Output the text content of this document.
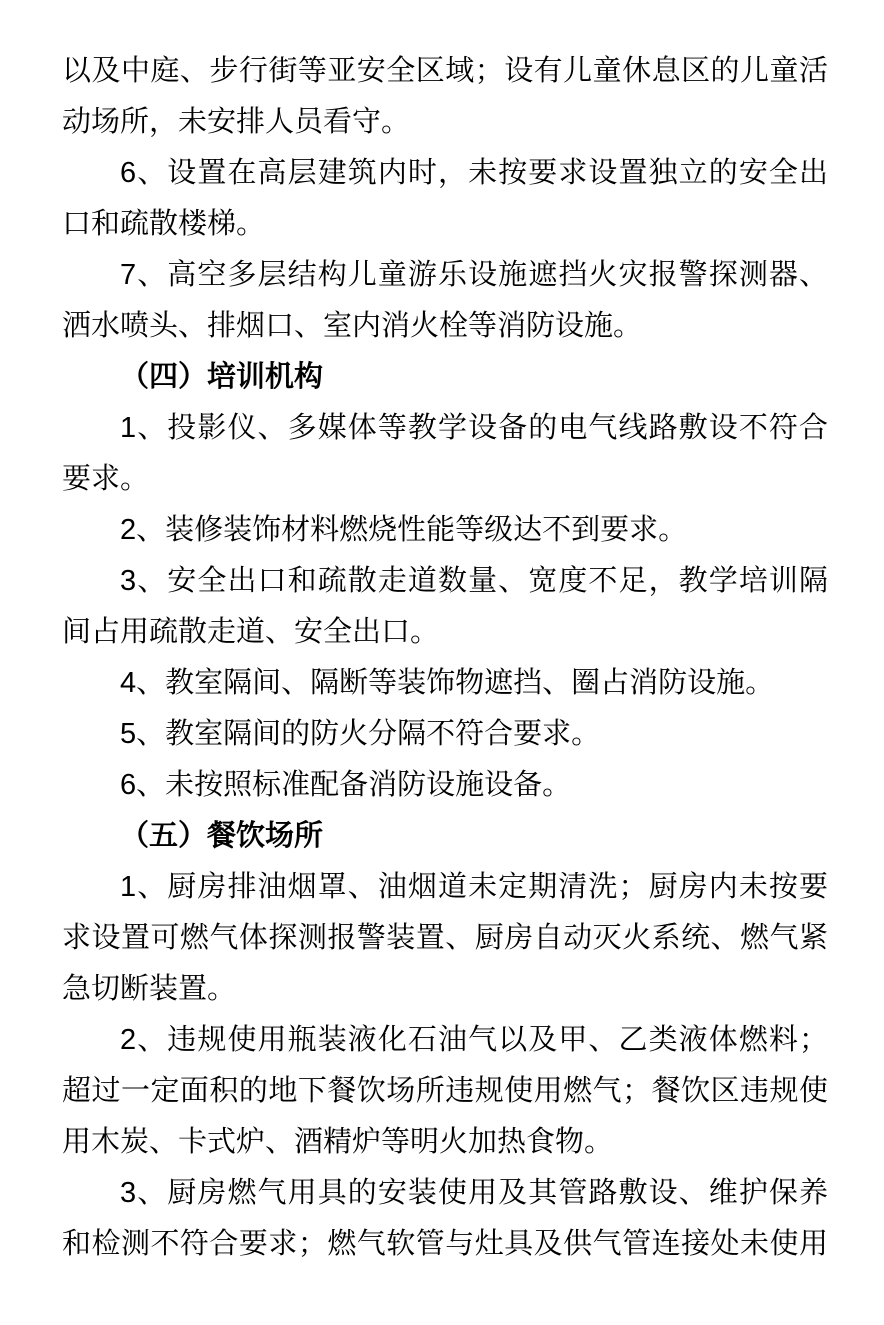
以及中庭、步行街等亚安全区域；设有儿童休息区的儿童活
动场所，未安排人员看守。
6、设置在高层建筑内时，未按要求设置独立的安全出
口和疏散楼梯。
7、高空多层结构儿童游乐设施遮挡火灾报警探测器、
洒水喷头、排烟口、室内消火栓等消防设施。
（四）培训机构
1、投影仪、多媒体等教学设备的电气线路敷设不符合
要求。
2、装修装饰材料燃烧性能等级达不到要求。
3、安全出口和疏散走道数量、宽度不足，教学培训隔
间占用疏散走道、安全出口。
4、教室隔间、隔断等装饰物遮挡、圈占消防设施。
5、教室隔间的防火分隔不符合要求。
6、未按照标准配备消防设施设备。
（五）餐饮场所
1、厨房排油烟罩、油烟道未定期清洗；厨房内未按要
求设置可燃气体探测报警装置、厨房自动灭火系统、燃气紧
急切断装置。
2、违规使用瓶装液化石油气以及甲、乙类液体燃料；
超过一定面积的地下餐饮场所违规使用燃气；餐饮区违规使
用木炭、卡式炉、酒精炉等明火加热食物。
3、厨房燃气用具的安装使用及其管路敷设、维护保养
和检测不符合要求；燃气软管与灶具及供气管连接处未使用
